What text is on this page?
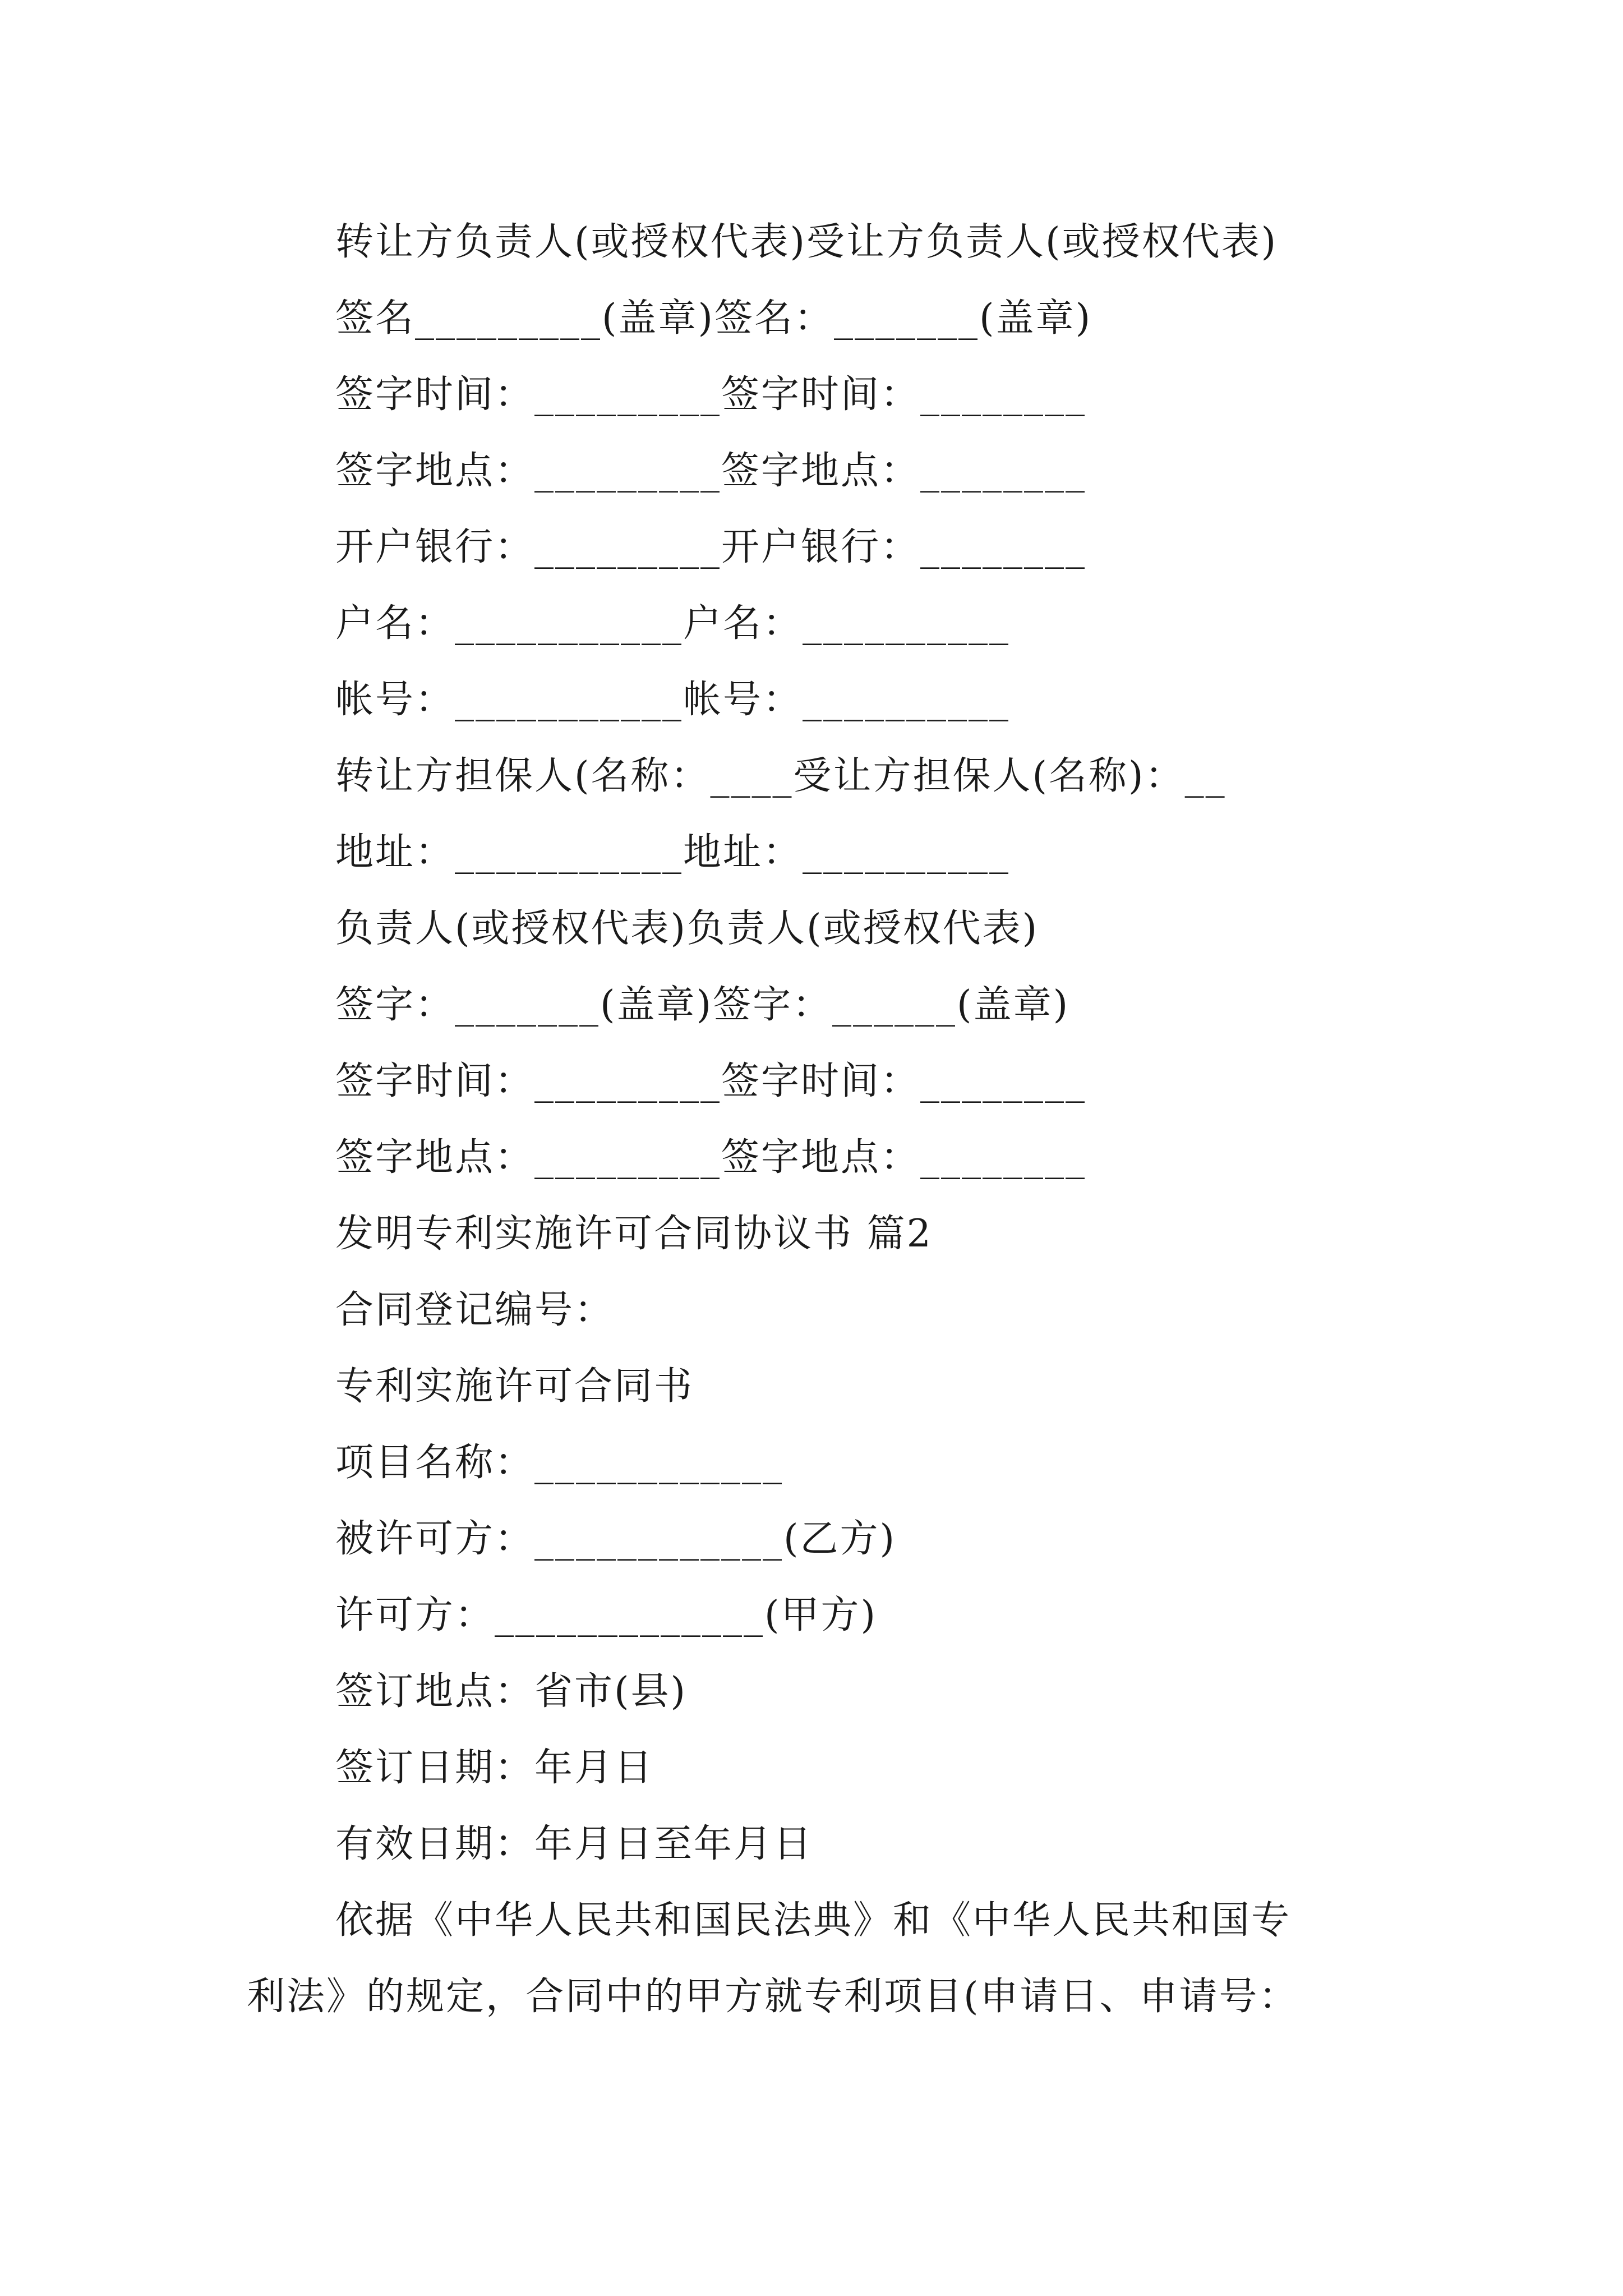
转让方负责人(或授权代表)受让方负责人(或授权代表)
签名_________(盖章)签名：_______(盖章)
签字时间：_________签字时间：________
签字地点：_________签字地点：________
开户银行：_________开户银行：________
户名：___________户名：__________
帐号：___________帐号：__________
转让方担保人(名称：____受让方担保人(名称)：__
地址：___________地址：__________
负责人(或授权代表)负责人(或授权代表)
签字：_______(盖章)签字：______(盖章)
签字时间：_________签字时间：________
签字地点：_________签字地点：________
发明专利实施许可合同协议书 篇2
合同登记编号：
专利实施许可合同书
项目名称：____________
被许可方：____________(乙方)
许可方：_____________(甲方)
签订地点：省市(县)
签订日期：年月日
有效日期：年月日至年月日
依据《中华人民共和国民法典》和《中华人民共和国专
利法》的规定，合同中的甲方就专利项目(申请日、申请号：
